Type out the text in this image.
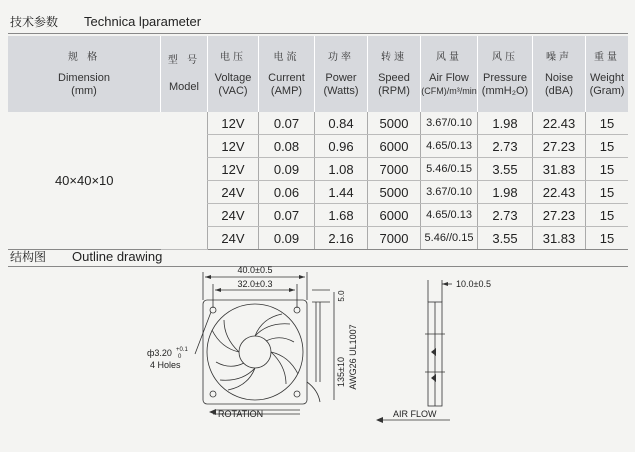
技术参数 Technica lparameter
规 格
Dimension
(mm)	型 号
Model	电压
Voltage
(VAC)	电流
Current
(AMP)	功率
Power
(Watts)	转速
Speed
(RPM)	风量
Air Flow
(CFM)/m³/min	风压
Pressure
(mmH₂O)	噪声
Noise
(dBA)	重量
Weight
(Gram)

40×40×10		12V	0.07	0.84	5000	3.67/0.10	1.98	22.43	15
		12V	0.08	0.96	6000	4.65/0.13	2.73	27.23	15
		12V	0.09	1.08	7000	5.46/0.15	3.55	31.83	15
		24V	0.06	1.44	5000	3.67/0.10	1.98	22.43	15
		24V	0.07	1.68	6000	4.65/0.13	2.73	27.23	15
		24V	0.09	2.16	7000	5.46//0.15	3.55	31.83	15
结构图 Outline drawing
40.0±0.5
32.0±0.3
ф3.20 +0.1
0
4 Holes
ROTATION	AIR FLOW
10.0±0.5
5.0
135±10 AWG26 UL1007
